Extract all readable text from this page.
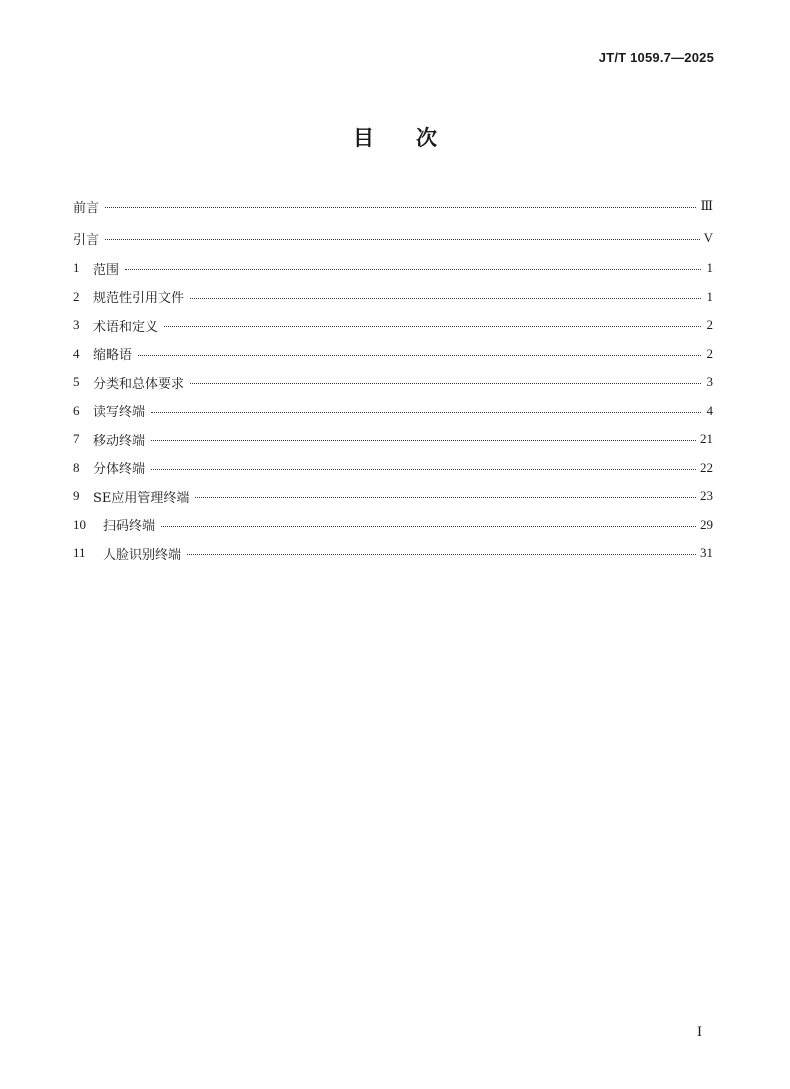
JT/T 1059.7—2025
目 次
前言	Ⅲ
引言	V
1	范围	1
2	规范性引用文件	1
3	术语和定义	2
4	缩略语	2
5	分类和总体要求	3
6	读写终端	4
7	移动终端	21
8	分体终端	22
9	SE应用管理终端	23
10	扫码终端	29
11	人脸识别终端	31
I
